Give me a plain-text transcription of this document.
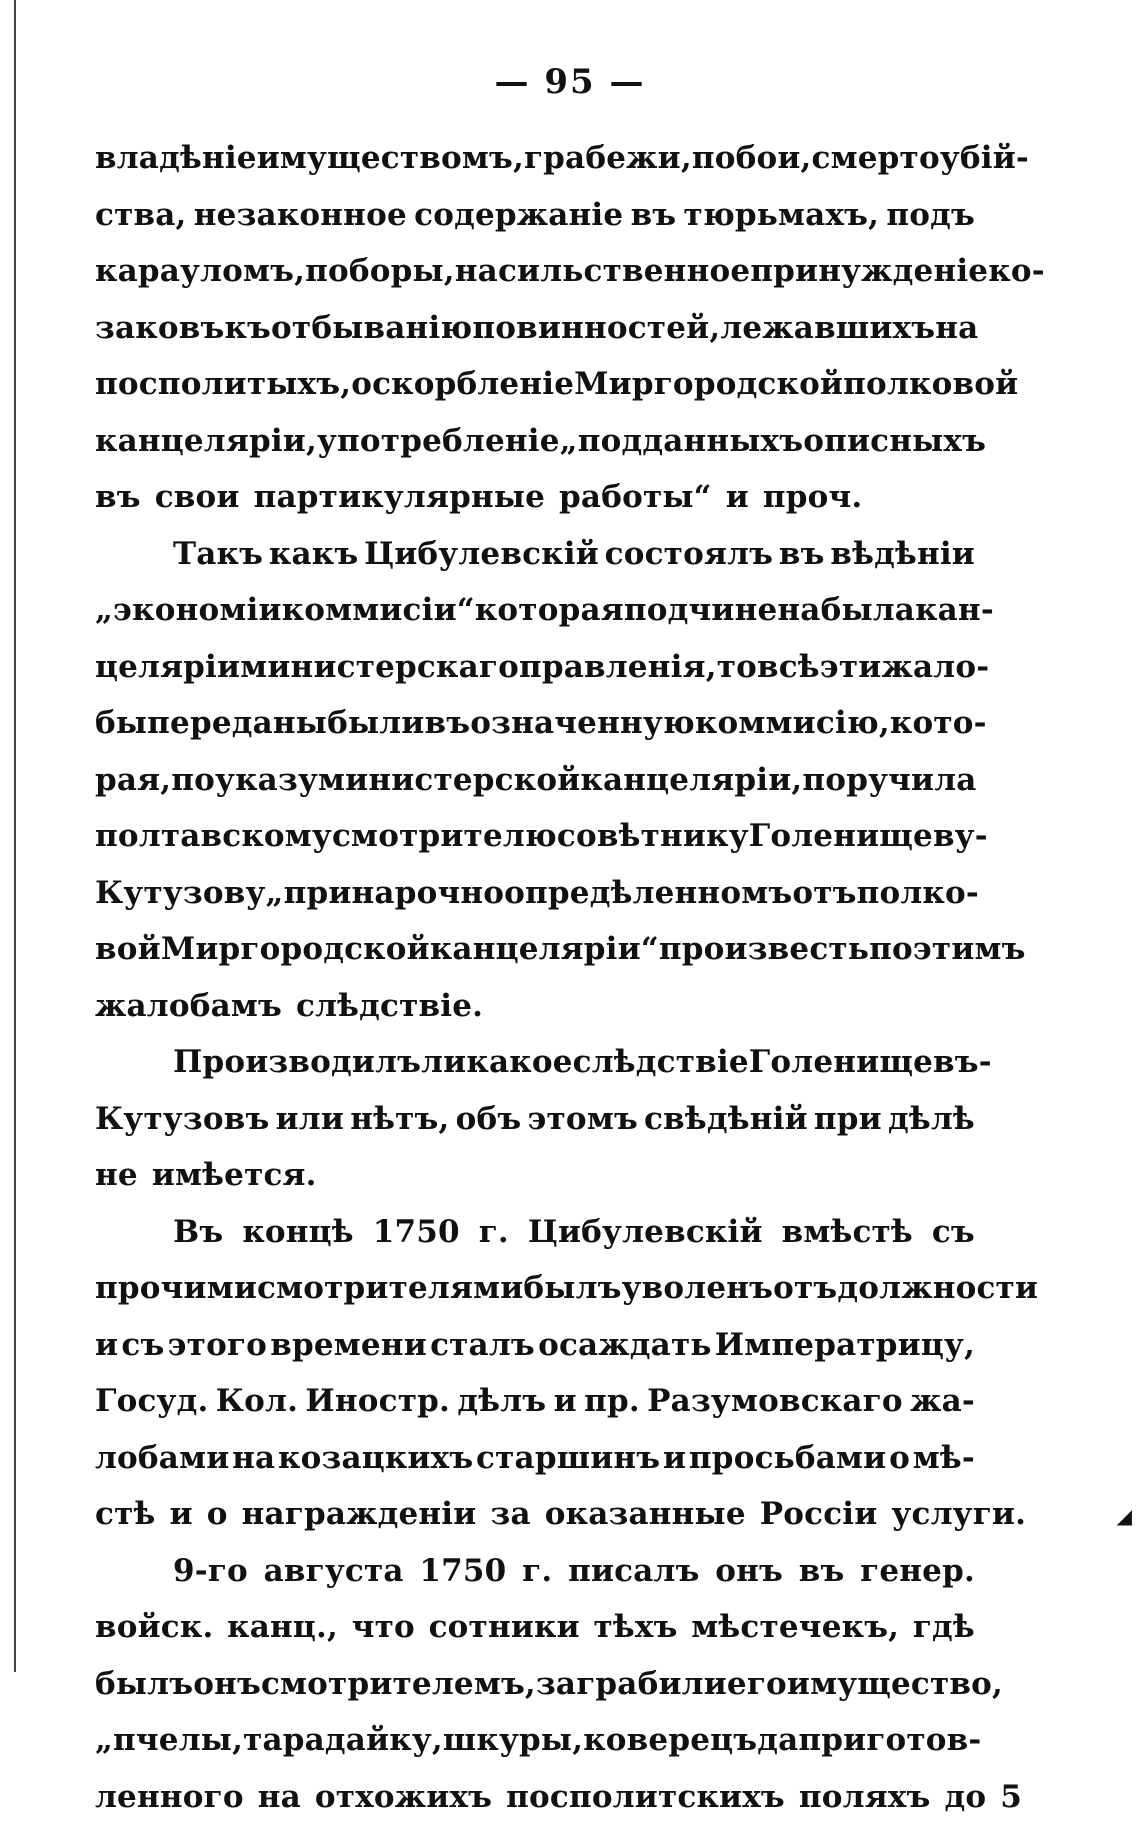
— 95 —
владѣніе имуществомъ, грабежи, побои, смертоубій-
ства, незаконное содержаніе въ тюрьмахъ, подъ
карауломъ, поборы, насильственное принужденіе ко-
заковъ къ отбыванію повинностей, лежавшихъ на
посполитыхъ, оскорбленіе Миргородской полковой
канцеляріи, употребленіе „подданныхъ описныхъ
въ свои партикулярные работы“ и проч.
Такъ какъ Цибулевскій состоялъ въ вѣдѣніи
„экономіи коммисіи“ которая подчинена была кан-
целяріи министерскаго правленія, то всѣ эти жало-
бы переданы были въ означенную коммисію, кото-
рая, по указу министерской канцеляріи, поручила
полтавскому смотрителю совѣтнику Голенищеву-
Кутузову „при нарочно опредѣленномъ отъ полко-
вой Миргородской канцеляріи“ произвесть по этимъ
жалобамъ слѣдствіе.
Производилъ ли какое слѣдствіе Голенищевъ-
Кутузовъ или нѣтъ, объ этомъ свѣдѣній при дѣлѣ
не имѣется.
Въ концѣ 1750 г. Цибулевскій вмѣстѣ съ
прочими смотрителями былъ уволенъ отъ должности
и съ этого времени сталъ осаждать Императрицу,
Госуд. Кол. Иностр. дѣлъ и пр. Разумовскаго жа-
лобами на козацкихъ старшинъ и просьбами о мѣ-
стѣ и о награжденіи за оказанные Россіи услуги.
9-го августа 1750 г. писалъ онъ въ генер.
войск. канц., что сотники тѣхъ мѣстечекъ, гдѣ
былъ онъ смотрителемъ, заграбили его имущество,
„пчелы, тарадайку, шкуры, коверецъ да приготов-
ленного на отхожихъ посполитскихъ поляхъ до 5
◢
